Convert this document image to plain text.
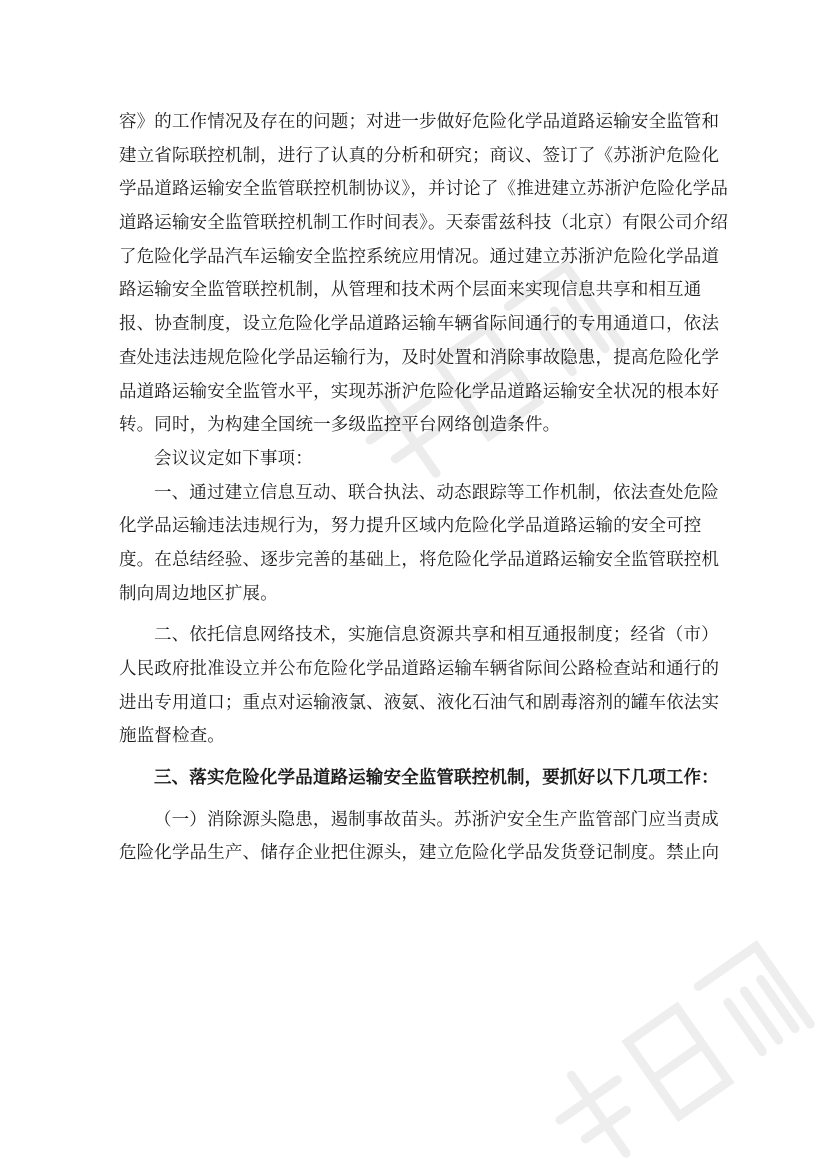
容》的工作情况及存在的问题；对进一步做好危险化学品道路运输安全监管和
建立省际联控机制，进行了认真的分析和研究；商议、签订了《苏浙沪危险化
学品道路运输安全监管联控机制协议》，并讨论了《推进建立苏浙沪危险化学品
道路运输安全监管联控机制工作时间表》。天泰雷兹科技（北京）有限公司介绍
了危险化学品汽车运输安全监控系统应用情况。通过建立苏浙沪危险化学品道
路运输安全监管联控机制，从管理和技术两个层面来实现信息共享和相互通
报、协查制度，设立危险化学品道路运输车辆省际间通行的专用通道口，依法
查处违法违规危险化学品运输行为，及时处置和消除事故隐患，提高危险化学
品道路运输安全监管水平，实现苏浙沪危险化学品道路运输安全状况的根本好
转。同时，为构建全国统一多级监控平台网络创造条件。
会议议定如下事项：
一、通过建立信息互动、联合执法、动态跟踪等工作机制，依法查处危险
化学品运输违法违规行为，努力提升区域内危险化学品道路运输的安全可控
度。在总结经验、逐步完善的基础上，将危险化学品道路运输安全监管联控机
制向周边地区扩展。
二、依托信息网络技术，实施信息资源共享和相互通报制度；经省（市）
人民政府批准设立并公布危险化学品道路运输车辆省际间公路检查站和通行的
进出专用道口；重点对运输液氯、液氨、液化石油气和剧毒溶剂的罐车依法实
施监督检查。
三、落实危险化学品道路运输安全监管联控机制，要抓好以下几项工作：
（一）消除源头隐患，遏制事故苗头。苏浙沪安全生产监管部门应当责成
危险化学品生产、储存企业把住源头，建立危险化学品发货登记制度。禁止向
